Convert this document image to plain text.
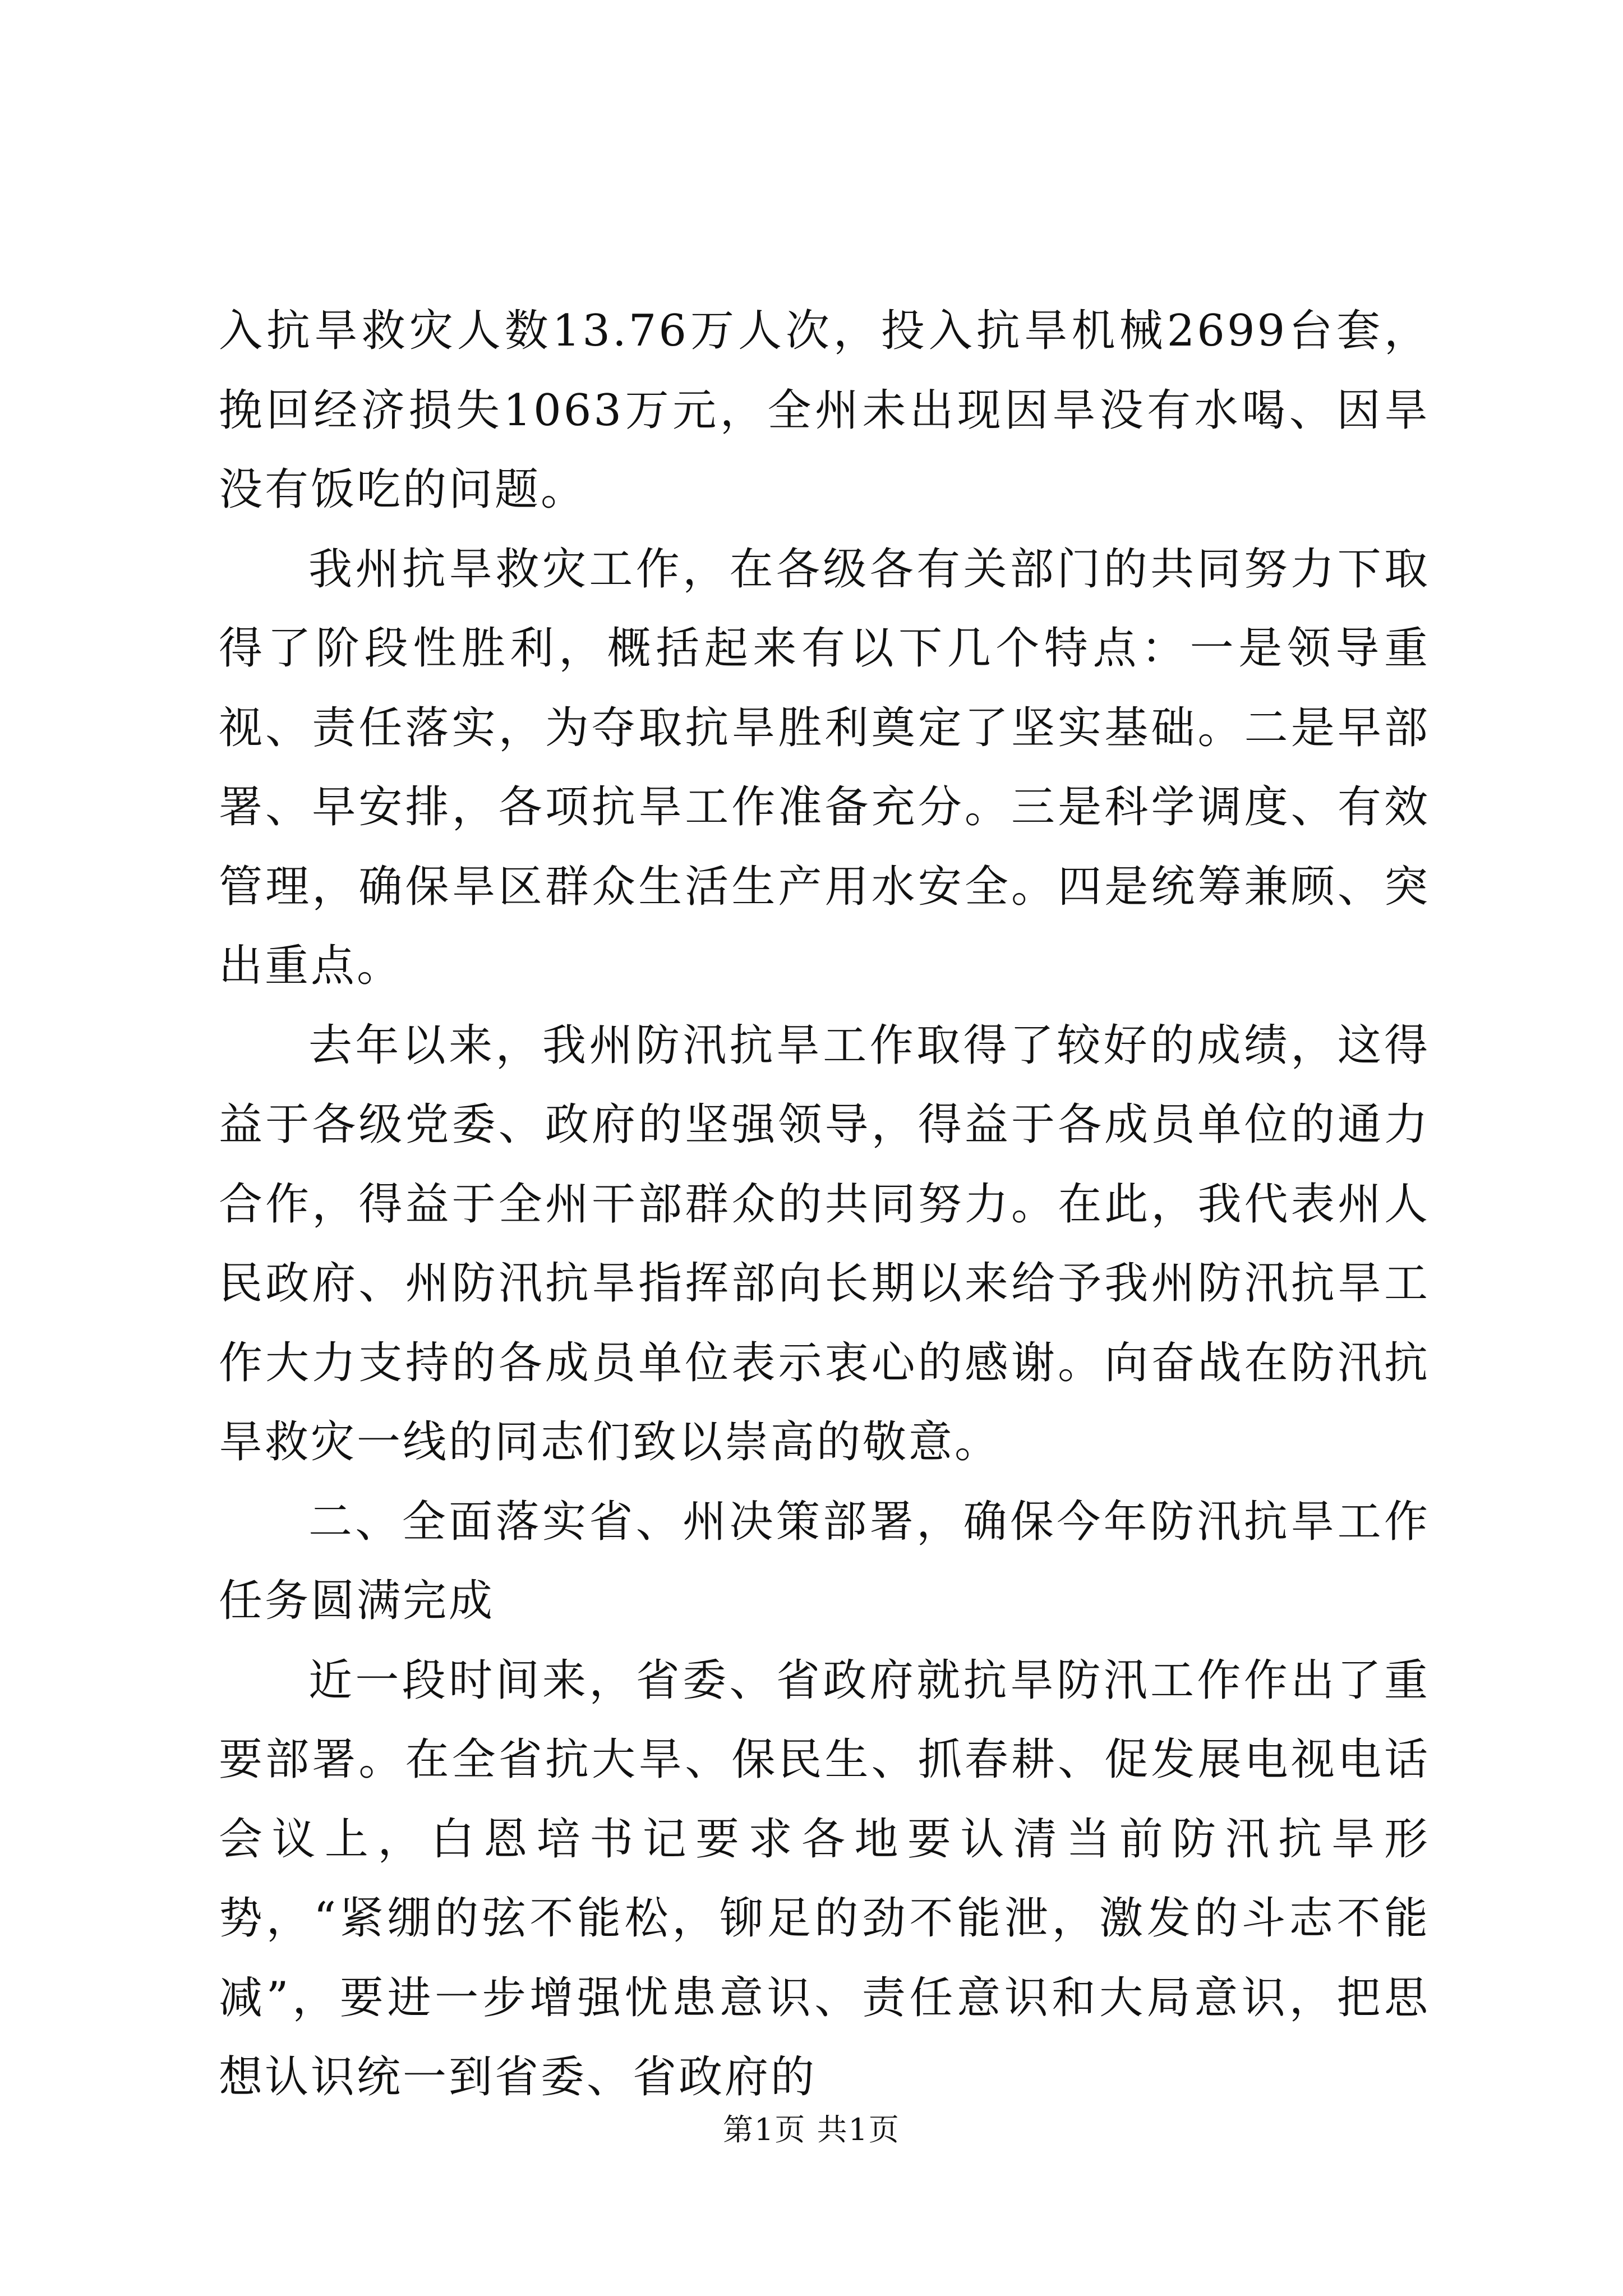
入抗旱救灾人数13.76万人次，投入抗旱机械2699台套，挽回经济损失1063万元，全州未出现因旱没有水喝、因旱没有饭吃的问题。

我州抗旱救灾工作，在各级各有关部门的共同努力下取得了阶段性胜利，概括起来有以下几个特点：一是领导重视、责任落实，为夺取抗旱胜利奠定了坚实基础。二是早部署、早安排，各项抗旱工作准备充分。三是科学调度、有效管理，确保旱区群众生活生产用水安全。四是统筹兼顾、突出重点。

去年以来，我州防汛抗旱工作取得了较好的成绩，这得益于各级党委、政府的坚强领导，得益于各成员单位的通力合作，得益于全州干部群众的共同努力。在此，我代表州人民政府、州防汛抗旱指挥部向长期以来给予我州防汛抗旱工作大力支持的各成员单位表示衷心的感谢。向奋战在防汛抗旱救灾一线的同志们致以崇高的敬意。

二、全面落实省、州决策部署，确保今年防汛抗旱工作任务圆满完成

近一段时间来，省委、省政府就抗旱防汛工作作出了重要部署。在全省抗大旱、保民生、抓春耕、促发展电视电话会议上，白恩培书记要求各地要认清当前防汛抗旱形势，“紧绷的弦不能松，铆足的劲不能泄，激发的斗志不能减”，要进一步增强忧患意识、责任意识和大局意识，把思想认识统一到省委、省政府的

第1页 共1页
